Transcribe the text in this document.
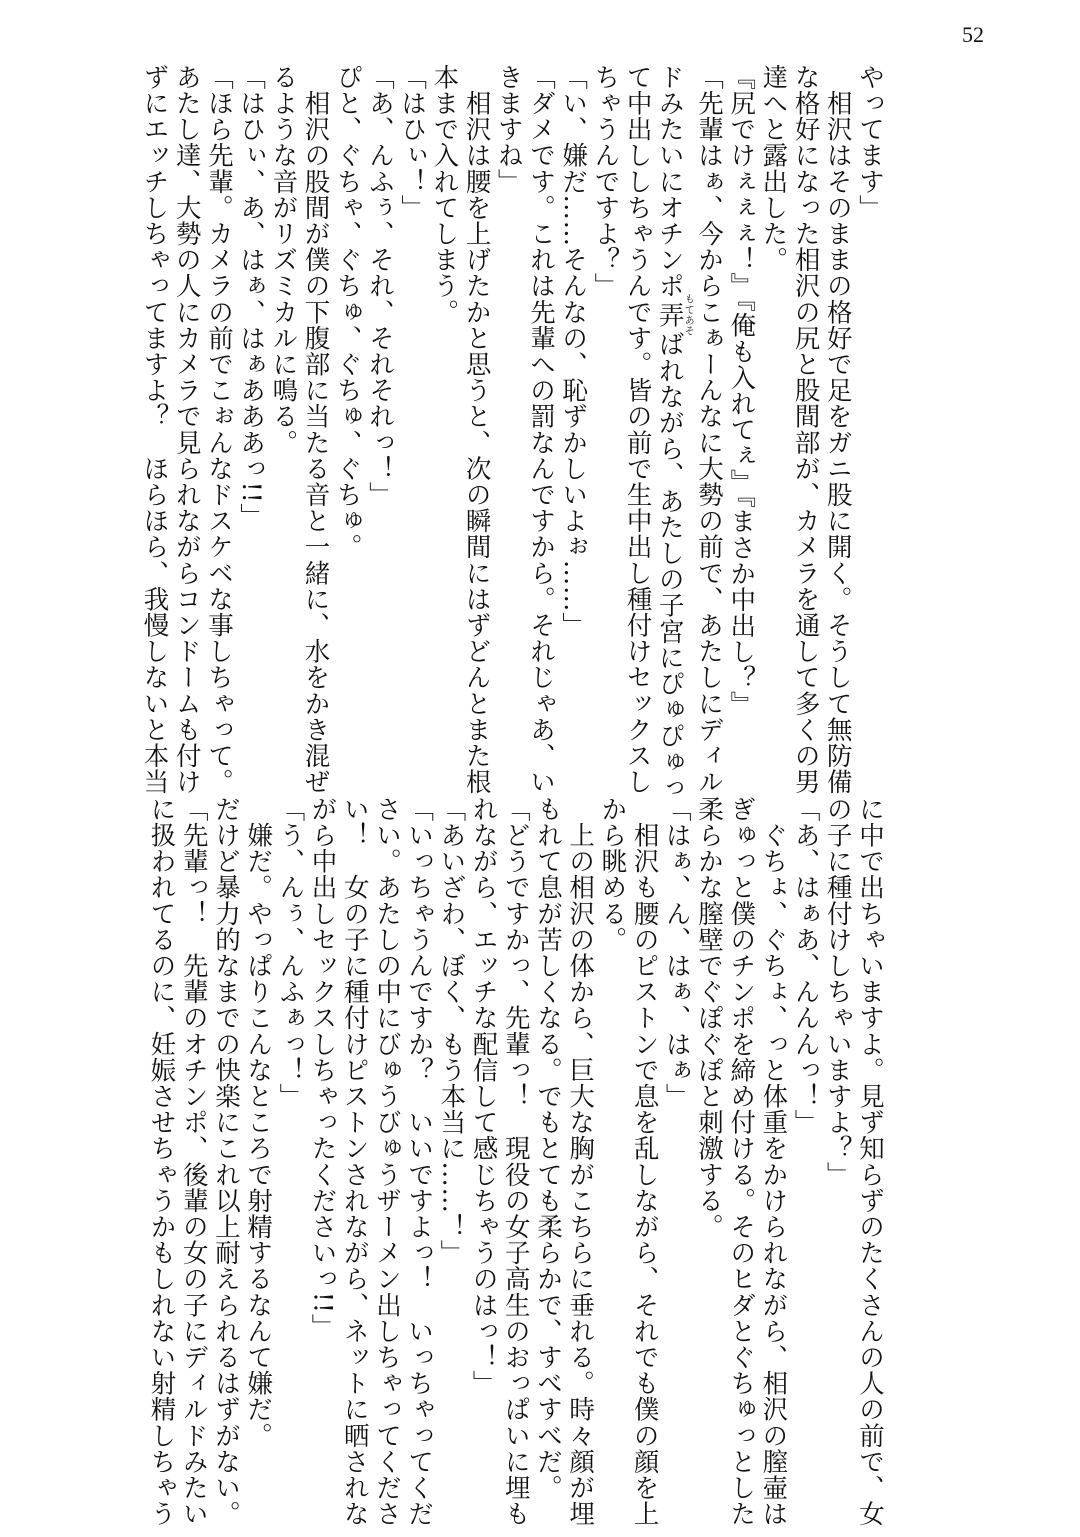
52

やってます」

　相沢はそのままの格好で足をガニ股に開く。そうして無防備

な格好になった相沢の尻と股間部が、カメラを通して多くの男

達へと露出した。

『尻でけぇぇぇ！』『俺も入れてぇ』『まさか中出し？』

「先輩はぁ、今からこぁーんなに大勢の前で、あたしにディル

ドみたいにオチンポ弄もてあそばれながら、あたしの子宮にぴゅぴゅっ

て中出ししちゃうんです。皆の前で生中出し種付けセックスし

ちゃうんですよ？」

「い、嫌だ……そんなの、恥ずかしいよぉ……」

「ダメです。これは先輩への罰なんですから。それじゃあ、い

きますね」

　相沢は腰を上げたかと思うと、次の瞬間にはずどんとまた根

本まで入れてしまう。

「はひぃ！」

「あ、んふぅ、それ、それそれっ！」

ぴと、ぐちゃ、ぐちゅ、ぐちゅ、ぐちゅ。

　相沢の股間が僕の下腹部に当たる音と一緒に、水をかき混ぜ

るような音がリズミカルに鳴る。

「はひぃ、あ、はぁ、はぁあああっ!!」

「ほら先輩。カメラの前でこぉんなドスケベな事しちゃって。

あたし達、大勢の人にカメラで見られながらコンドームも付け

ずにエッチしちゃってますよ？　ほらほら、我慢しないと本当

に中で出ちゃいますよ。見ず知らずのたくさんの人の前で、女

の子に種付けしちゃいますよ？」

「あ、はぁあ、んんんっ！」

　ぐちょ、ぐちょ、っと体重をかけられながら、相沢の膣壷は

ぎゅっと僕のチンポを締め付ける。そのヒダとぐちゅっとした

柔らかな膣壁でぐぽぐぽと刺激する。

「はぁ、ん、はぁ、はぁ」

　相沢も腰のピストンで息を乱しながら、それでも僕の顔を上

から眺める。

　上の相沢の体から、巨大な胸がこちらに垂れる。時々顔が埋

もれて息が苦しくなる。でもとても柔らかで、すべすべだ。

「どうですかっ、先輩っ！　現役の女子高生のおっぱいに埋も

れながら、エッチな配信して感じちゃうのはっ！」

「あいざわ、ぼく、もう本当に……！」

「いっちゃうんですか？　いいですよっ！　いっちゃってくだ

さい。あたしの中にびゅうびゅうザーメン出しちゃってくださ

い！　女の子に種付けピストンされながら、ネットに晒されな

がら中出しセックスしちゃったくださいっ!!」

「う、んぅ、んふぁっ！」

　嫌だ。やっぱりこんなところで射精するなんて嫌だ。

だけど暴力的なまでの快楽にこれ以上耐えられるはずがない。

「先輩っ！　先輩のオチンポ、後輩の女の子にディルドみたい

に扱われてるのに、妊娠させちゃうかもしれない射精しちゃう
